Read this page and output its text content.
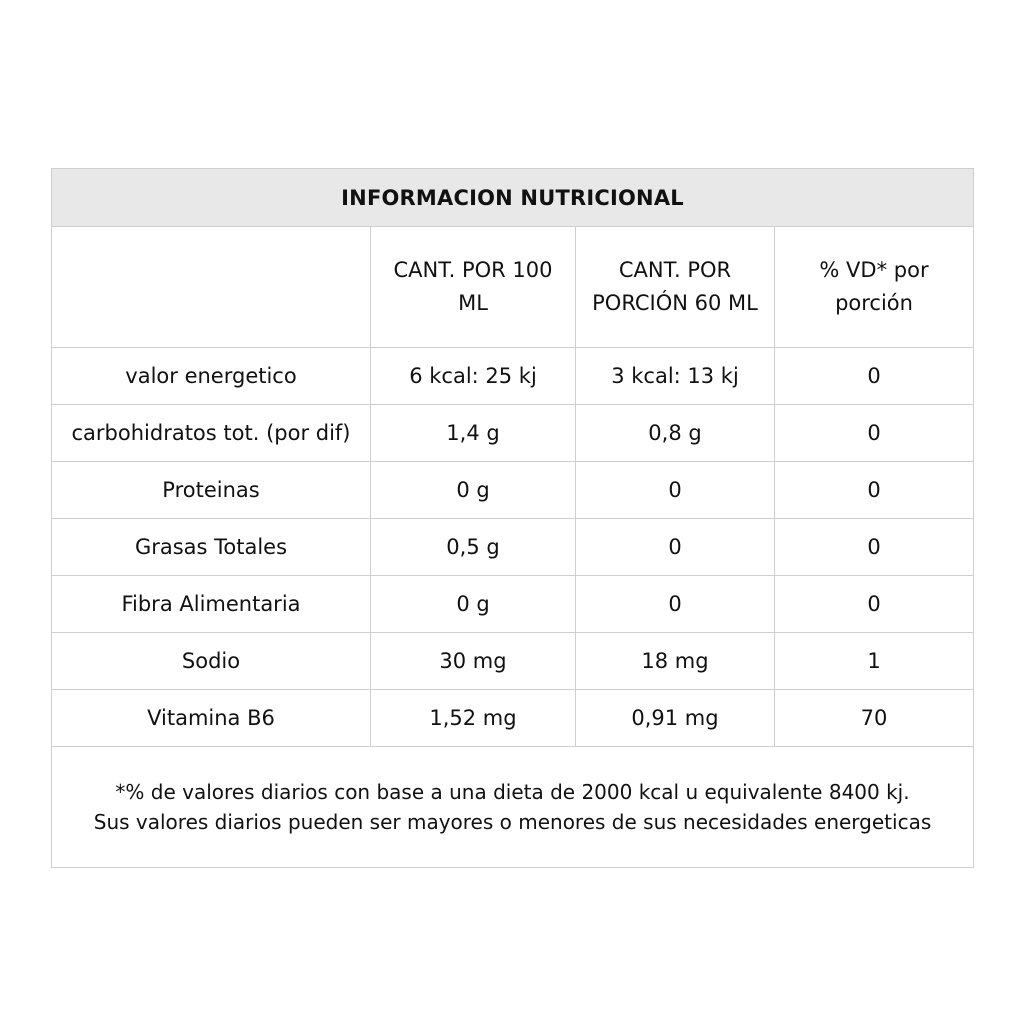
INFORMACION NUTRICIONAL			
	CANT. POR 100 ML	CANT. POR PORCIÓN 60 ML	% VD* por porción
valor energetico	6 kcal: 25 kj	3 kcal: 13 kj	0
carbohidratos tot. (por dif)	1,4 g	0,8 g	0
Proteinas	0 g	0	0
Grasas Totales	0,5 g	0	0
Fibra Alimentaria	0 g	0	0
Sodio	30 mg	18 mg	1
Vitamina B6	1,52 mg	0,91 mg	70

*% de valores diarios con base a una dieta de 2000 kcal u equivalente 8400 kj.
Sus valores diarios pueden ser mayores o menores de sus necesidades energeticas			
